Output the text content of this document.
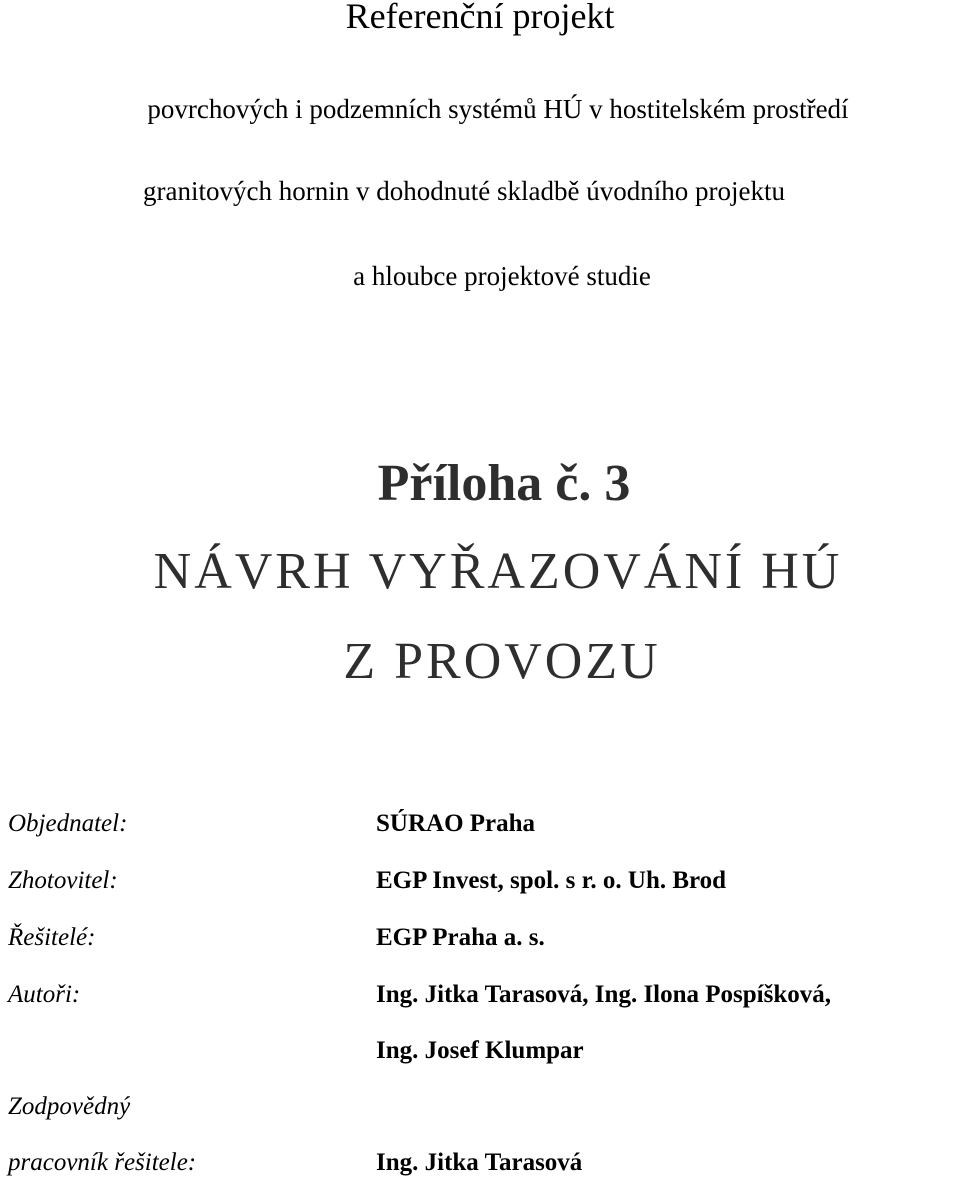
Referenční projekt

povrchových i podzemních systémů HÚ v hostitelském prostředí

granitových hornin v dohodnuté skladbě úvodního projektu

a hloubce projektové studie

Příloha č. 3

NÁVRH VYŘAZOVÁNÍ HÚ

Z PROVOZU

Objednatel:	SÚRAO Praha

Zhotovitel:	EGP Invest, spol. s r. o. Uh. Brod

Řešitelé:	EGP Praha a. s.

Autoři:	Ing. Jitka Tarasová, Ing. Ilona Pospíšková,

Ing. Josef Klumpar

Zodpovědný

pracovník řešitele:	Ing. Jitka Tarasová
